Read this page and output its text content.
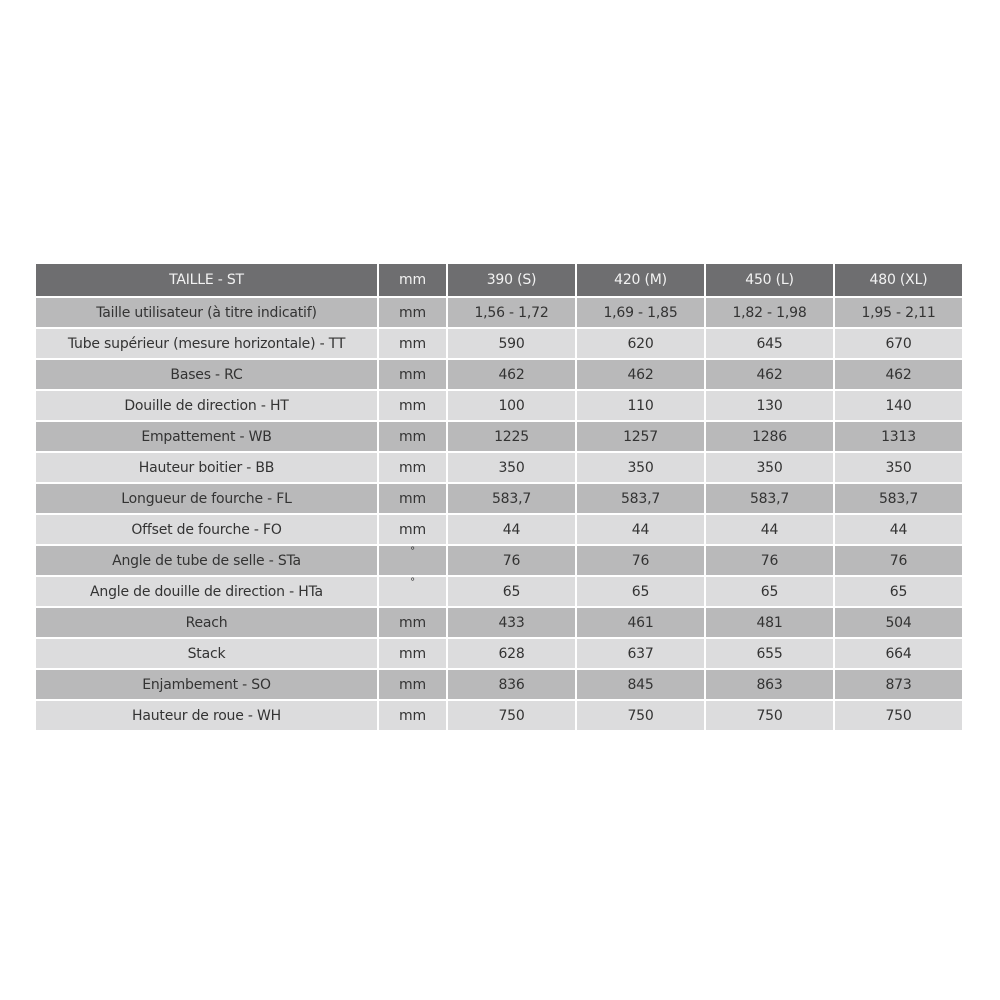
TAILLE - ST	mm	390 (S)	420 (M)	450 (L)	480 (XL)
Taille utilisateur (à titre indicatif)	mm	1,56 - 1,72	1,69 - 1,85	1,82 - 1,98	1,95 - 2,11
Tube supérieur (mesure horizontale) - TT	mm	590	620	645	670
Bases - RC	mm	462	462	462	462
Douille de direction - HT	mm	100	110	130	140
Empattement - WB	mm	1225	1257	1286	1313
Hauteur boitier - BB	mm	350	350	350	350
Longueur de fourche - FL	mm	583,7	583,7	583,7	583,7
Offset de fourche - FO	mm	44	44	44	44
Angle de tube de selle - STa	°	76	76	76	76
Angle de douille de direction - HTa	°	65	65	65	65
Reach	mm	433	461	481	504
Stack	mm	628	637	655	664
Enjambement - SO	mm	836	845	863	873
Hauteur de roue - WH	mm	750	750	750	750
